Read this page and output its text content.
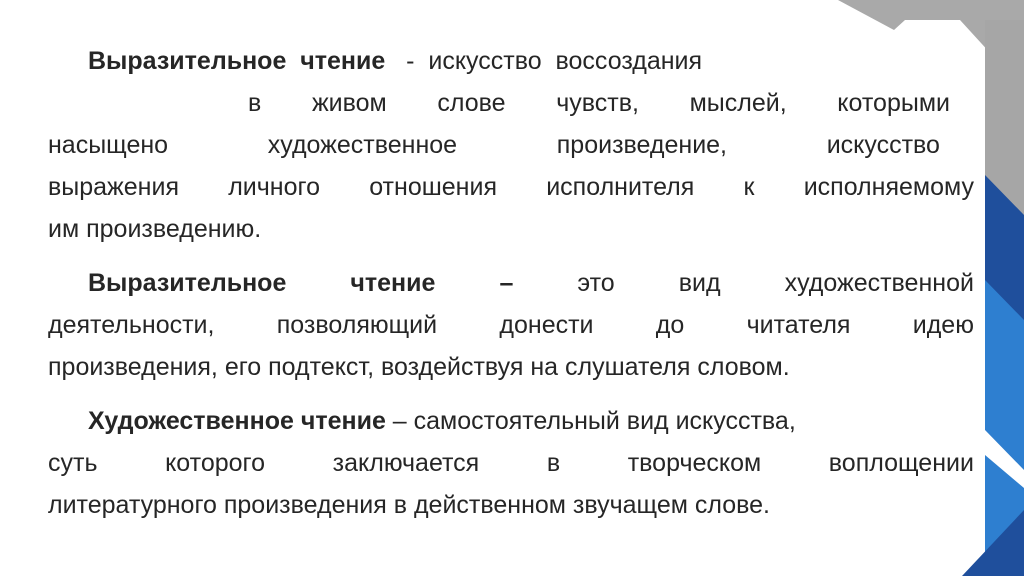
Выразительное  чтение -  искусство  воссоздания
в живом слове чувств, мыслей, которыми
насыщено	художественное	произведение,	искусство
выражения личного отношения исполнителя к исполняемому
им произведению.
Выразительное	чтение	–	это	вид	художественной
деятельности, позволяющий донести до читателя идею
произведения, его подтекст, воздействуя на слушателя словом.
Художественное чтение – самостоятельный вид искусства,
суть	которого	заключается	в	творческом	воплощении
литературного произведения в действенном звучащем слове.
